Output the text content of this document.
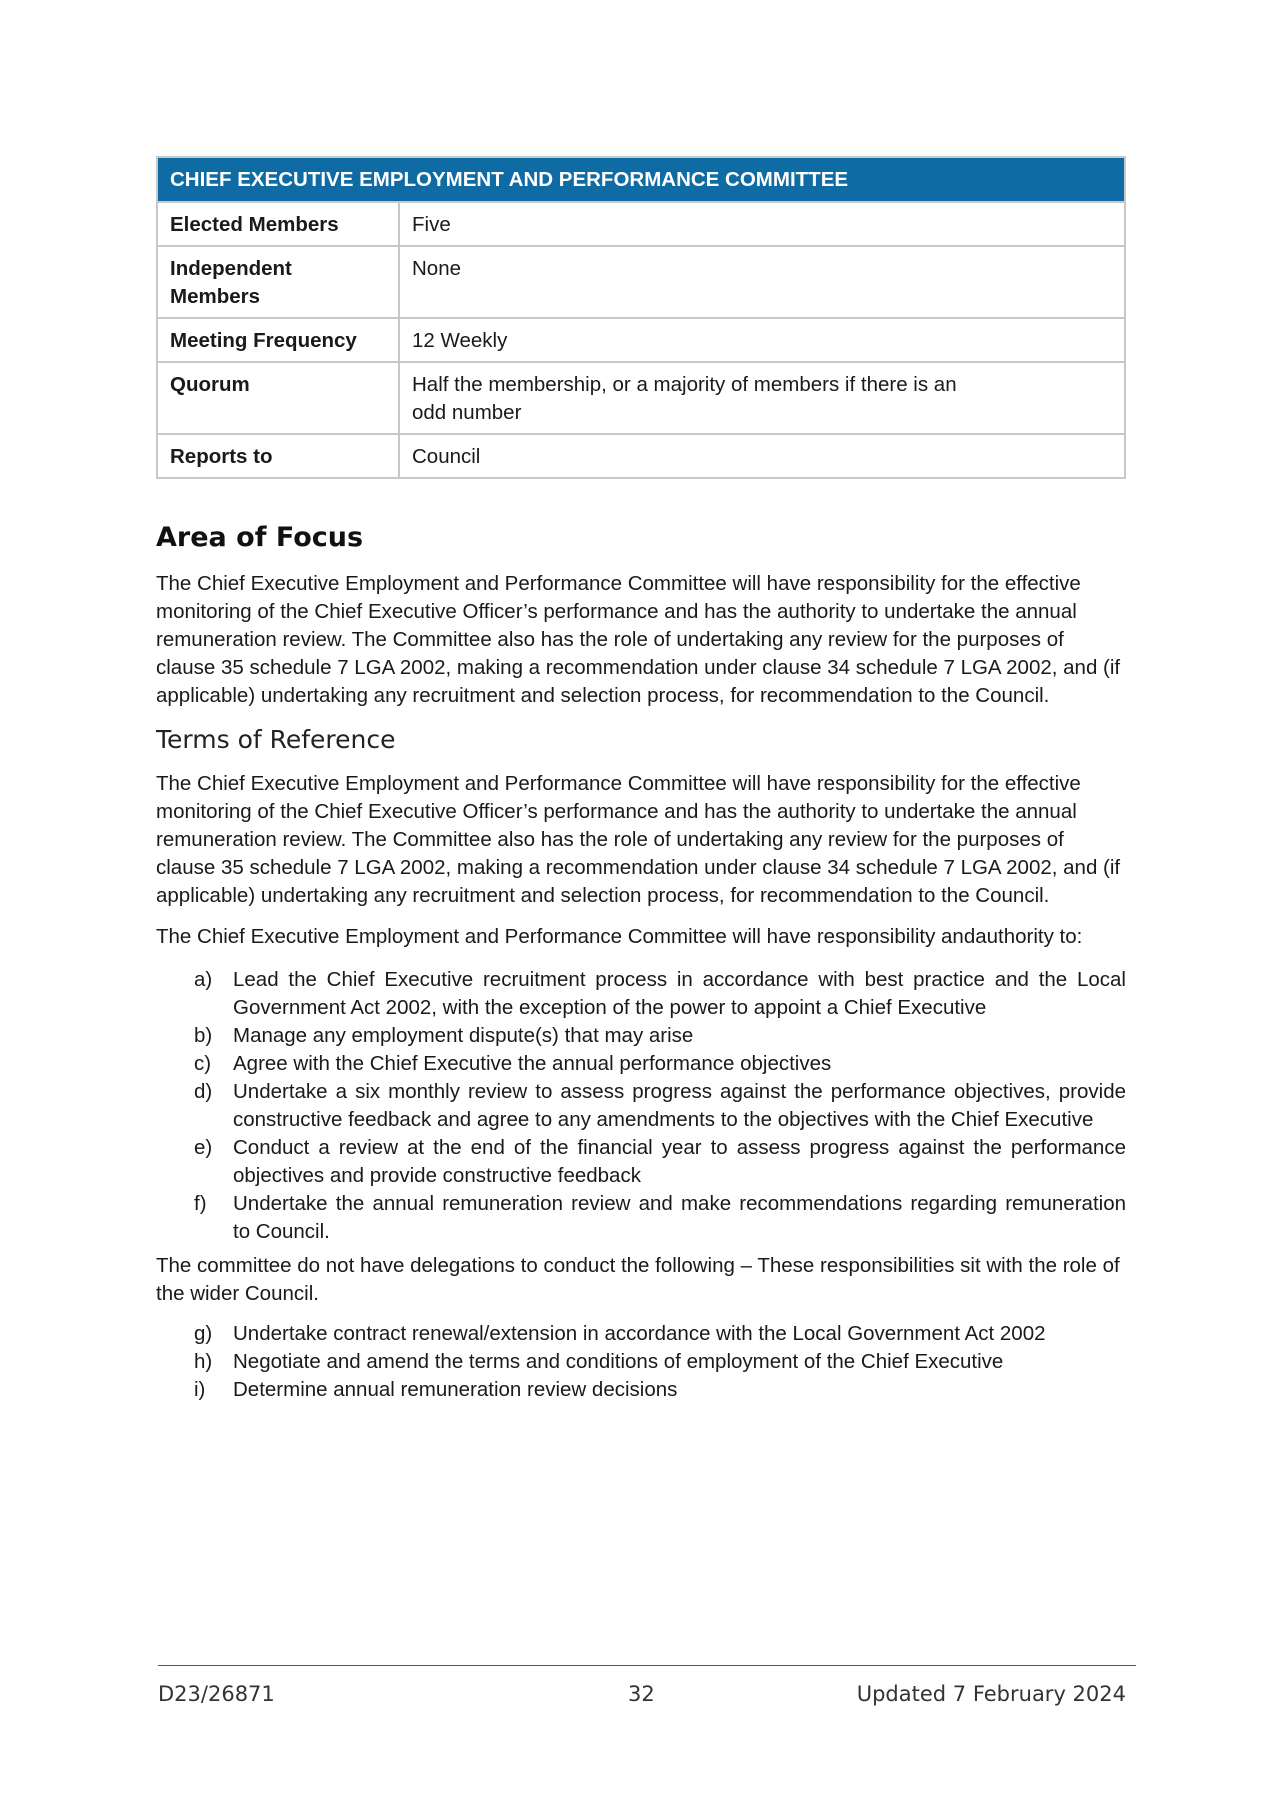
CHIEF EXECUTIVE EMPLOYMENT AND PERFORMANCE COMMITTEE	
Elected Members	Five
Independent Members	None
Meeting Frequency	12 Weekly
Quorum	Half the membership, or a majority of members if there is an odd number
Reports to	Council
Area of Focus

The Chief Executive Employment and Performance Committee will have responsibility for the effective monitoring of the Chief Executive Officer’s performance and has the authority to undertake the annual remuneration review. The Committee also has the role of undertaking any review for the purposes of clause 35 schedule 7 LGA 2002, making a recommendation under clause 34 schedule 7 LGA 2002, and (if applicable) undertaking any recruitment and selection process, for recommendation to the Council.

Terms of Reference

The Chief Executive Employment and Performance Committee will have responsibility for the effective monitoring of the Chief Executive Officer’s performance and has the authority to undertake the annual remuneration review. The Committee also has the role of undertaking any review for the purposes of clause 35 schedule 7 LGA 2002, making a recommendation under clause 34 schedule 7 LGA 2002, and (if applicable) undertaking any recruitment and selection process, for recommendation to the Council.

The Chief Executive Employment and Performance Committee will have responsibility andauthority to:

a)	Lead the Chief Executive recruitment process in accordance with best practice and the Local Government Act 2002, with the exception of the power to appoint a Chief Executive
b)	Manage any employment dispute(s) that may arise
c)	Agree with the Chief Executive the annual performance objectives
d)	Undertake a six monthly review to assess progress against the performance objectives, provide constructive feedback and agree to any amendments to the objectives with the Chief Executive
e)	Conduct a review at the end of the financial year to assess progress against the performance objectives and provide constructive feedback
f)	Undertake the annual remuneration review and make recommendations regarding remuneration to Council.

The committee do not have delegations to conduct the following – These responsibilities sit with the role of the wider Council.

g)	Undertake contract renewal/extension in accordance with the Local Government Act 2002
h)	Negotiate and amend the terms and conditions of employment of the Chief Executive
i)	Determine annual remuneration review decisions
D23/26871	32	Updated 7 February 2024
